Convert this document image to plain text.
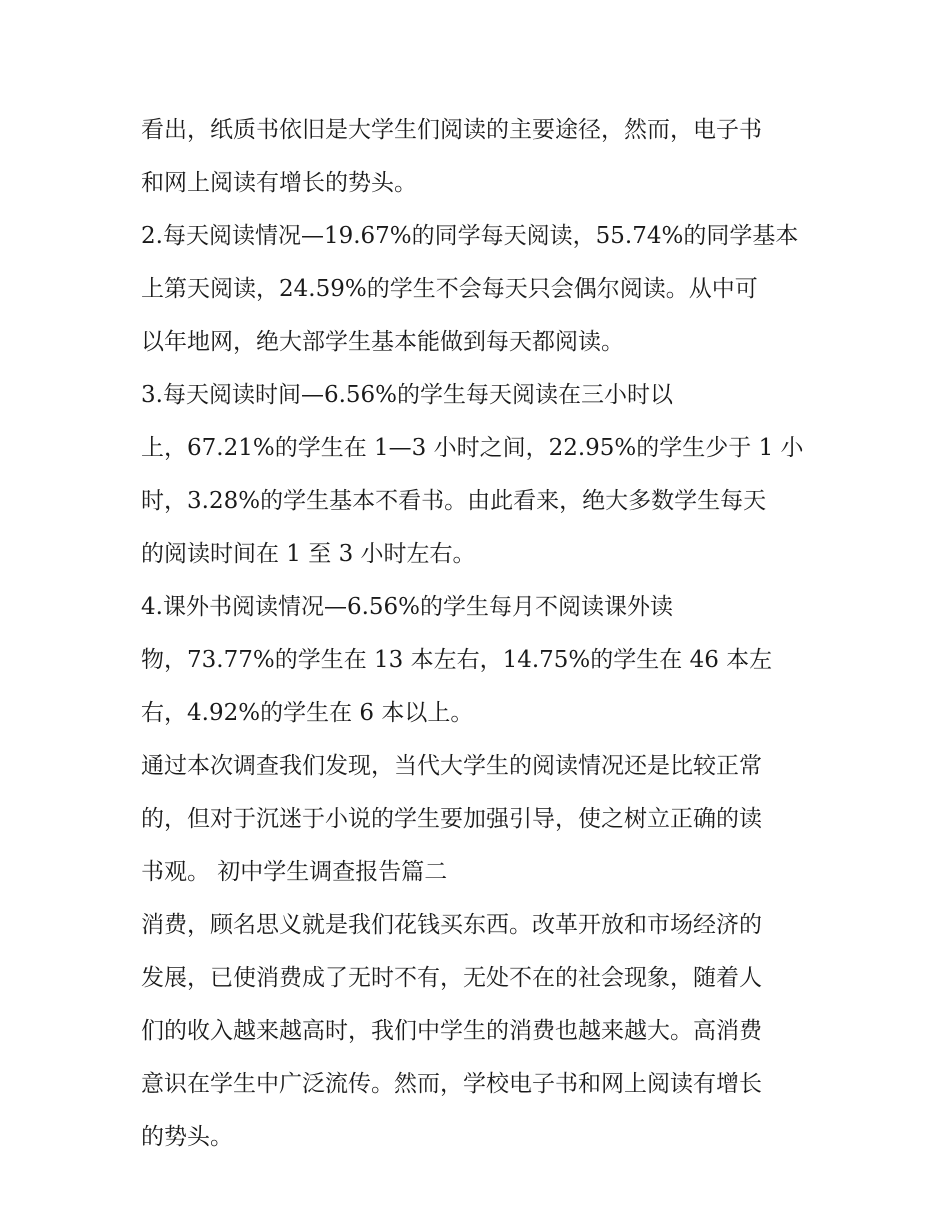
看出，纸质书依旧是大学生们阅读的主要途径，然而，电子书
和网上阅读有增长的势头。
2.每天阅读情况—19.67%的同学每天阅读，55.74%的同学基本
上第天阅读，24.59%的学生不会每天只会偶尔阅读。从中可
以年地网，绝大部学生基本能做到每天都阅读。
3.每天阅读时间—6.56%的学生每天阅读在三小时以
上，67.21%的学生在 1—3 小时之间，22.95%的学生少于 1 小
时，3.28%的学生基本不看书。由此看来，绝大多数学生每天
的阅读时间在 1 至 3 小时左右。
4.课外书阅读情况—6.56%的学生每月不阅读课外读
物，73.77%的学生在 13 本左右，14.75%的学生在 46 本左
右，4.92%的学生在 6 本以上。
通过本次调查我们发现，当代大学生的阅读情况还是比较正常
的，但对于沉迷于小说的学生要加强引导，使之树立正确的读
书观。 初中学生调查报告篇二
消费，顾名思义就是我们花钱买东西。改革开放和市场经济的
发展，已使消费成了无时不有，无处不在的社会现象，随着人
们的收入越来越高时，我们中学生的消费也越来越大。高消费
意识在学生中广泛流传。然而，学校电子书和网上阅读有增长
的势头。
